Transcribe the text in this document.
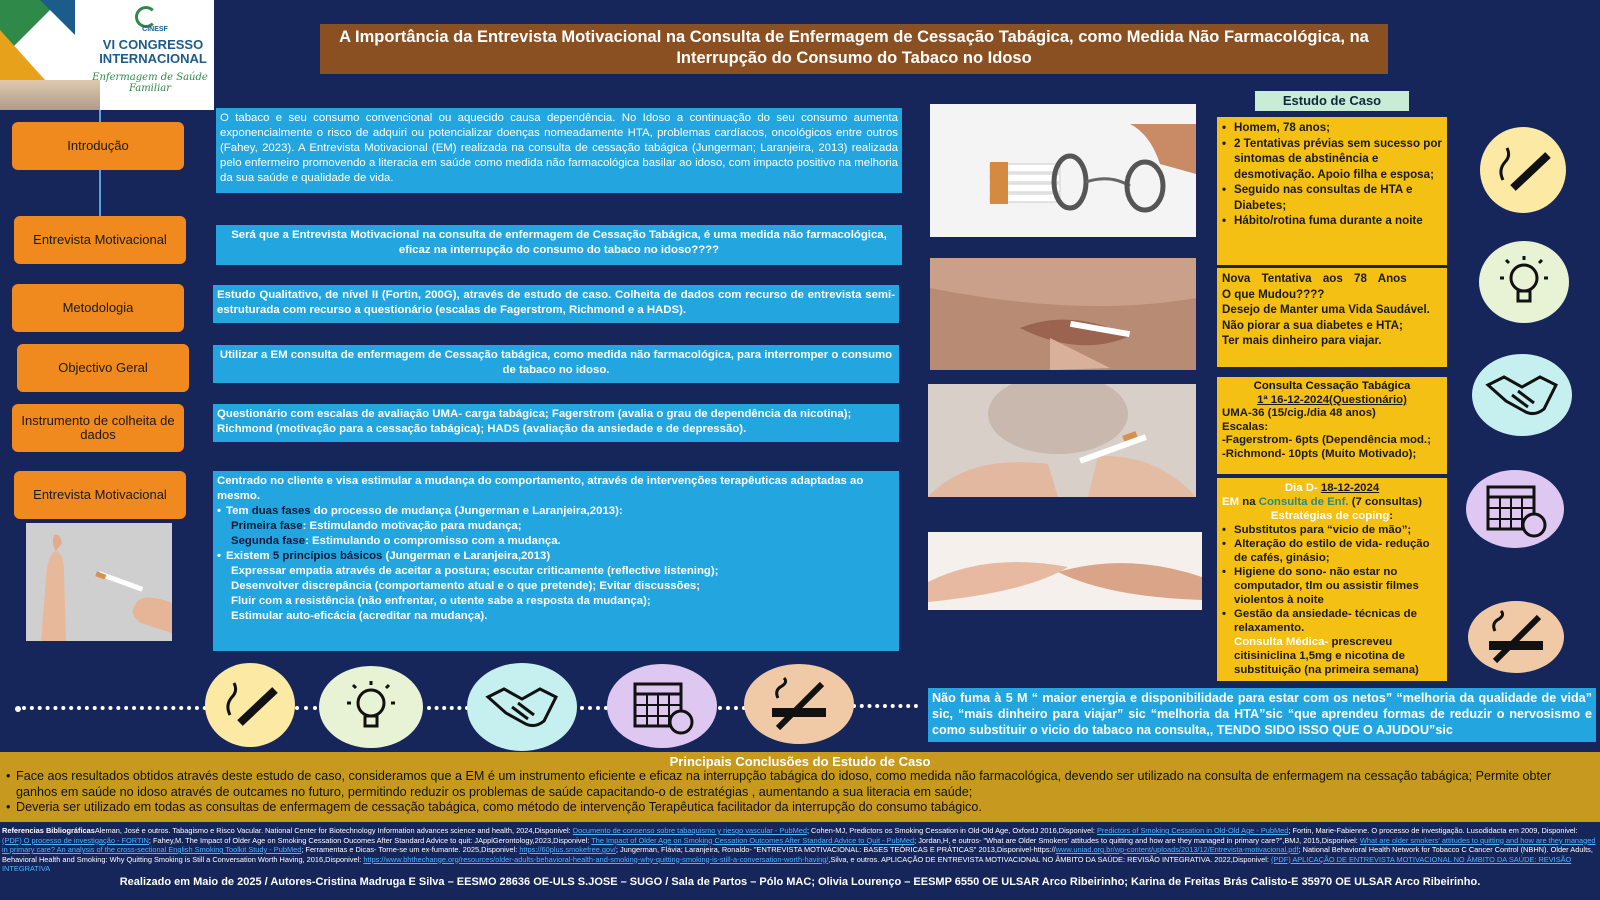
CINESF
VI CONGRESSO
INTERNACIONAL
Enfermagem de Saúde Familiar
A Importância da Entrevista Motivacional na Consulta de Enfermagem de Cessação Tabágica, como Medida Não Farmacológica, na Interrupção do Consumo do Tabaco no Idoso
Introdução
Entrevista Motivacional
Metodologia
Objectivo Geral
Instrumento de colheita de dados
Entrevista Motivacional
O tabaco e seu consumo convencional ou aquecido causa dependência. No Idoso a continuação do seu consumo aumenta exponencialmente o risco de adquiri ou potencializar doenças nomeadamente HTA, problemas cardíacos, oncológicos entre outros (Fahey, 2023). A Entrevista Motivacional (EM) realizada na consulta de cessação tabágica (Jungerman; Laranjeira, 2013) realizada pelo enfermeiro promovendo a literacia em saúde como medida não farmacológica basilar ao idoso, com impacto positivo na melhoria da sua saúde e qualidade de vida.
Será que a Entrevista Motivacional na consulta de enfermagem de Cessação Tabágica, é uma medida não farmacológica, eficaz na interrupção do consumo do tabaco no idoso????
Estudo Qualitativo, de nível II (Fortin, 200G), através de estudo de caso. Colheita de dados com recurso de entrevista semi- estruturada com recurso a questionário (escalas de Fagerstrom, Richmond e a HADS).
Utilizar a EM consulta de enfermagem de Cessação tabágica, como medida não farmacológica, para interromper o consumo de tabaco no idoso.
Questionário com escalas de avaliação UMA- carga tabágica; Fagerstrom (avalia o grau de dependência da nicotina); Richmond (motivação para a cessação tabágica); HADS (avaliação da ansiedade e de depressão).
Centrado no cliente e visa estimular a mudança do comportamento, através de intervenções terapêuticas adaptadas ao mesmo.
• Tem duas fases do processo de mudança (Jungerman e Laranjeira,2013):
Primeira fase: Estimulando motivação para mudança;
Segunda fase: Estimulando o compromisso com a mudança.
• Existem 5 princípios básicos (Jungerman e Laranjeira,2013)
Expressar empatia através de aceitar a postura; escutar criticamente (reflective listening);
Desenvolver discrepância (comportamento atual e o que pretende); Evitar discussões;
Fluir com a resistência (não enfrentar, o utente sabe a resposta da mudança);
Estimular auto-eficácia (acreditar na mudança).
Estudo de Caso
• Homem, 78 anos;
• 2 Tentativas prévias sem sucesso por sintomas de abstinência e desmotivação. Apoio filha e esposa;
• Seguido nas consultas de HTA e Diabetes;
• Hábito/rotina fuma durante a noite
Nova Tentativa aos 78 Anos
O que Mudou????
Desejo de Manter uma Vida Saudável.
Não piorar a sua diabetes e HTA;
Ter mais dinheiro para viajar.
Consulta Cessação Tabágica
1ª 16-12-2024(Questionário)
UMA-36 (15/cig./dia 48 anos)
Escalas:
-Fagerstrom- 6pts (Dependência mod.;
-Richmond- 10pts (Muito Motivado);
Dia D- 18-12-2024
EM na Consulta de Enf. (7 consultas)
Estratégias de coping:
• Substitutos para “vicio de mão”;
• Alteração do estilo de vida- redução de cafés, ginásio;
• Higiene do sono- não estar no computador, tlm ou assistir filmes violentos à noite
• Gestão da ansiedade- técnicas de relaxamento.
Consulta Médica- prescreveu citisiniclina 1,5mg e nicotina de substituição (na primeira semana)
Não fuma à 5 M “ maior energia e disponibilidade para estar com os netos” “melhoria da qualidade de vida” sic, “mais dinheiro para viajar” sic “melhoria da HTA”sic “que aprendeu formas de reduzir o nervosismo e como substituir o vicio do tabaco na consulta,, TENDO SIDO ISSO QUE O AJUDOU”sic
Principais Conclusões do Estudo de Caso
• Face aos resultados obtidos através deste estudo de caso, consideramos que a EM é um instrumento eficiente e eficaz na interrupção tabágica do idoso, como medida não farmacológica, devendo ser utilizado na consulta de enfermagem na cessação tabágica; Permite obter ganhos em saúde no idoso através de outcames no futuro, permitindo reduzir os problemas de saúde capacitando-o de estratégias , aumentando a sua literacia em saúde;
• Deveria ser utilizado em todas as consultas de enfermagem de cessação tabágica, como método de intervenção Terapêutica facilitador da interrupção do consumo tabágico.
Referencias BibliográficasAleman, José e outros. Tabagismo e Risco Vacular. National Center for Biotechnology Information advances science and health, 2024,Disponivel: Documento de consenso sobre tabaquismo y riesgo vascular - PubMed; Cohen-MJ, Predictors os Smoking Cessation in Old-Old Age, OxfordJ 2016,Disponivel: Predictors of Smoking Cessation in Old-Old Age - PubMed; Fortin, Marie-Fabienne. O processo de investigação. Lusodidacta em 2009, Disponivel: (PDF) O processo de investigação - FORTIN; Fahey,M. The Impact of Older Age on Smoking Cessation Oucomes After Standard Advice to quit: JApplGerontology,2023,Disponivel: The Impact of Older Age on Smoking Cessation Outcomes After Standard Advice to Quit - PubMed; Jordan,H, e outros- "What are Older Smokers' attitudes to quitting and how are they managed in primary care?",BMJ, 2015,Disponivel: What are older smokers' attitudes to quitting and how are they managed in primary care? An analysis of the cross-sectional English Smoking Toolkit Study - PubMed; Ferramentas e Dicas- Torne-se um ex-fumante. 2025,Disponivel: https://60plus.smokefree.gov/; Jungerman, Flávia; Laranjeira, Ronaldo- "ENTREVISTA MOTIVACIONAL: BASES TEÓRICAS E PRÁTICAS" 2013,Disponivel-https://www.uniad.org.br/wp-content/uploads/2013/12/Entrevista-motivacional.pdf; National Behavioral Health Network for Tobacco C Cancer Control (NBHN). Older Adults, Behavioral Health and Smoking: Why Quitting Smoking is Still a Conversation Worth Having, 2016,Disponivel: https://www.bhthechange.org/resources/older-adults-behavioral-health-and-smoking-why-quitting-smoking-is-still-a-conversation-worth-having/,Silva, e outros. APLICAÇÃO DE ENTREVISTA MOTIVACIONAL NO ÂMBITO DA SAÚDE: REVISÃO INTEGRATIVA. 2022,Disponivel: (PDF) APLICAÇÃO DE ENTREVISTA MOTIVACIONAL NO ÂMBITO DA SAÚDE: REVISÃO INTEGRATIVA
Realizado em Maio de 2025 / Autores-Cristina Madruga E Silva – EESMO 28636 OE-ULS S.JOSE – SUGO / Sala de Partos – Pólo MAC; Olivia Lourenço – EESMP 6550 OE ULSAR Arco Ribeirinho; Karina de Freitas Brás Calisto-E 35970 OE ULSAR Arco Ribeirinho.
